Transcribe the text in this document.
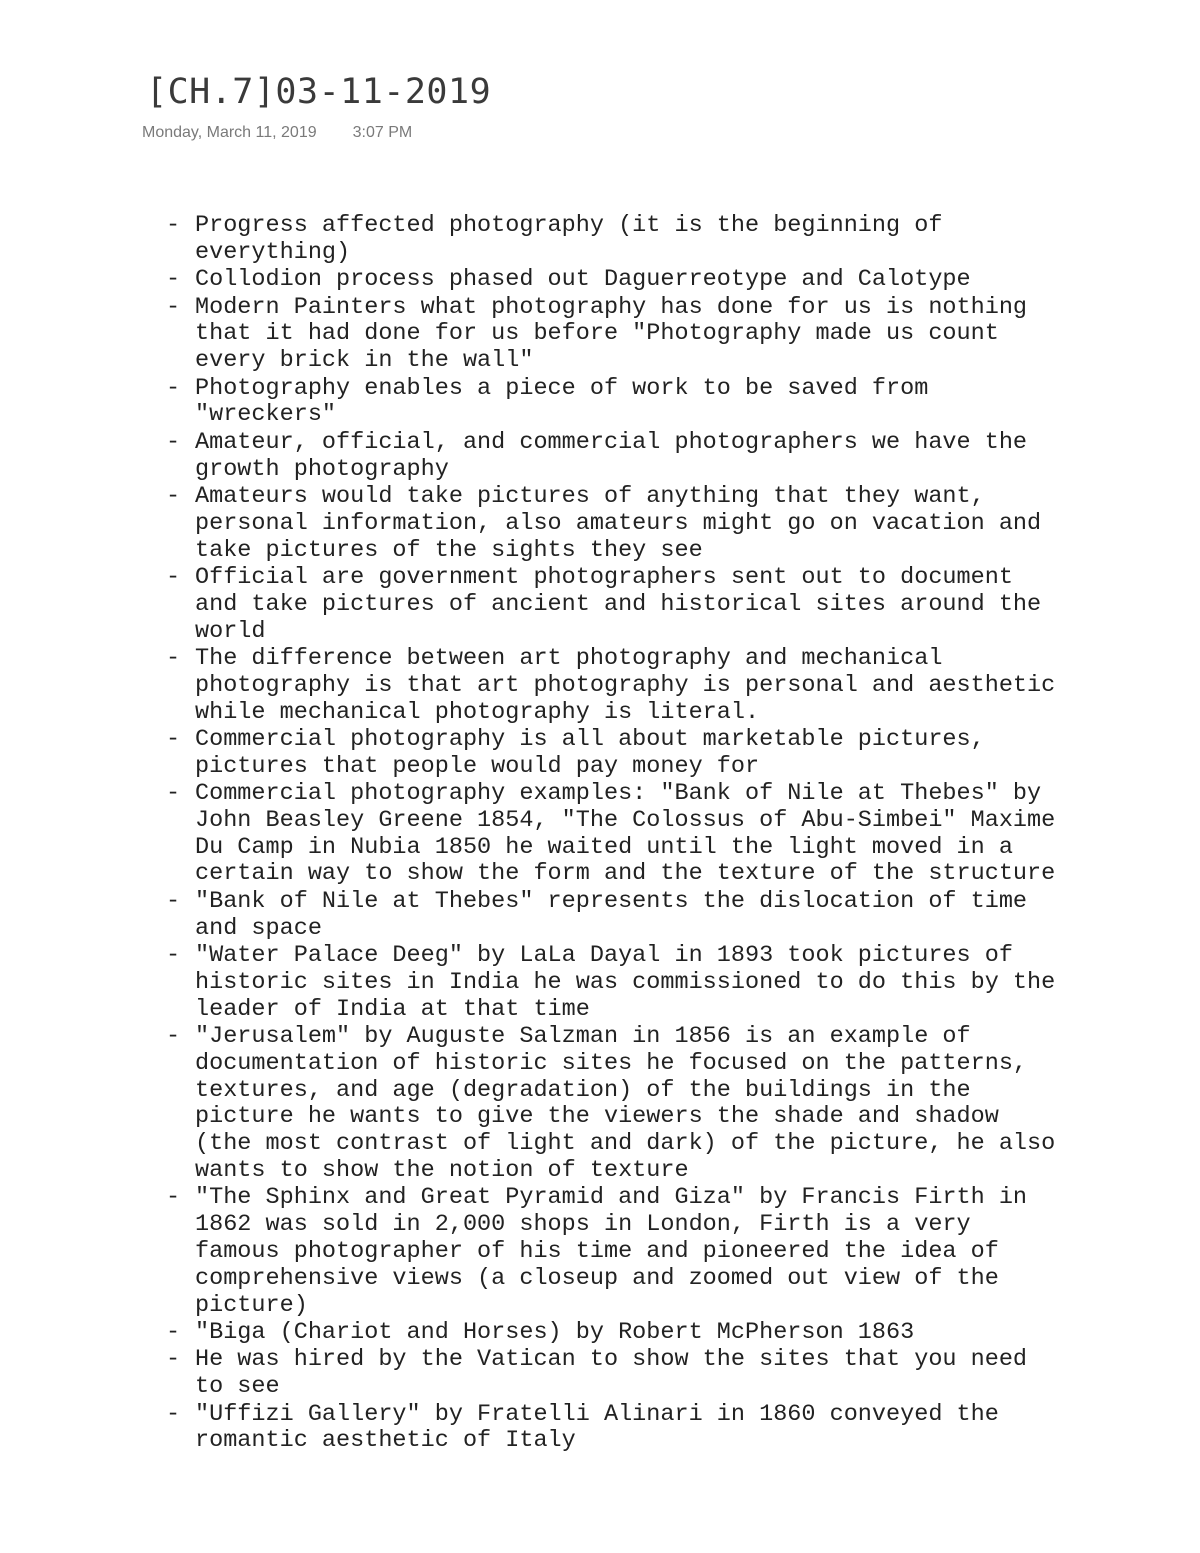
[CH.7]03-11-2019
Monday, March 11, 2019 3:07 PM
- Progress affected photography (it is the beginning of everything)
- Collodion process phased out Daguerreotype and Calotype
- Modern Painters what photography has done for us is nothing that it had done for us before "Photography made us count every brick in the wall"
- Photography enables a piece of work to be saved from "wreckers"
- Amateur, official, and commercial photographers we have the growth photography
- Amateurs would take pictures of anything that they want, personal information, also amateurs might go on vacation and take pictures of the sights they see
- Official are government photographers sent out to document and take pictures of ancient and historical sites around the world
- The difference between art photography and mechanical photography is that art photography is personal and aesthetic while mechanical photography is literal.
- Commercial photography is all about marketable pictures, pictures that people would pay money for
- Commercial photography examples: "Bank of Nile at Thebes" by John Beasley Greene 1854, "The Colossus of Abu-Simbei" Maxime Du Camp in Nubia 1850 he waited until the light moved in a certain way to show the form and the texture of the structure
- "Bank of Nile at Thebes" represents the dislocation of time and space
- "Water Palace Deeg" by LaLa Dayal in 1893 took pictures of historic sites in India he was commissioned to do this by the leader of India at that time
- "Jerusalem" by Auguste Salzman in 1856 is an example of documentation of historic sites he focused on the patterns, textures, and age (degradation) of the buildings in the picture he wants to give the viewers the shade and shadow (the most contrast of light and dark) of the picture, he also wants to show the notion of texture
- "The Sphinx and Great Pyramid and Giza" by Francis Firth in 1862 was sold in 2,000 shops in London, Firth is a very famous photographer of his time and pioneered the idea of comprehensive views (a closeup and zoomed out view of the picture)
- "Biga (Chariot and Horses) by Robert McPherson 1863
- He was hired by the Vatican to show the sites that you need to see
- "Uffizi Gallery" by Fratelli Alinari in 1860 conveyed the romantic aesthetic of Italy
